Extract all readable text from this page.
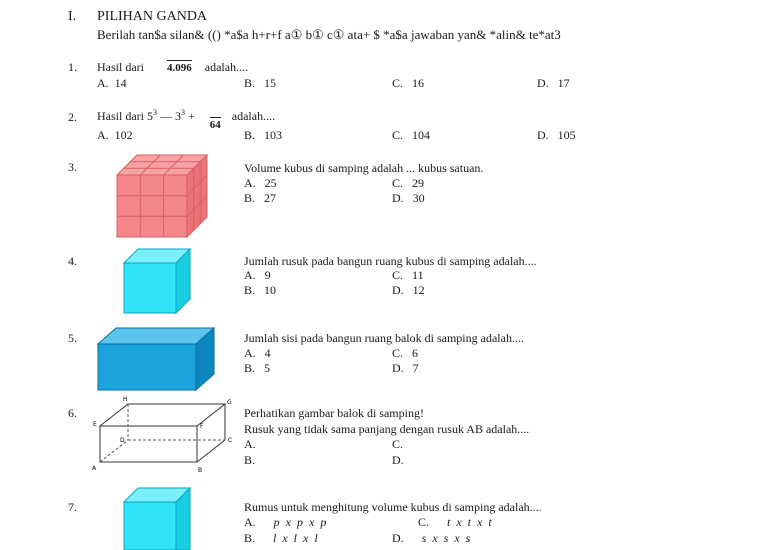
I. PILIHAN GANDA
Berilah tan$a silan& (() *a$a h+r+f a① b① c① ata+ $ *a$a jawaban yan& *alin& te*at3
1. Hasil dari 4.096 adalah....
A. 14	B. 15	C. 16	D. 17
2. Hasil dari $5^3$ — $3^3 + 64$ adalah....
A. 102	B. 103	C. 104	D. 105
3.	Volume kubus di samping adalah ... kubus satuan.
A. 25
B. 27
C. 29
D. 30
4.	Jumlah rusuk pada bangun ruang kubus di samping adalah....
A. 9
B. 10
C. 11
D. 12
5.	Jumlah sisi pada bangun ruang balok di samping adalah....
A. 4
B. 5
C. 6
D. 7
6.
A	B
C
D
E	F
G
H
Perhatikan gambar balok di samping!
Rusuk yang tidak sama panjang dengan rusuk AB adalah....
A.
B.
C.
D.
7.	Rumus untuk menghitung volume kubus di samping adalah....
A. p  x  p  x  p
B. l  x  l  x  l
C. t  x  t  x  t
D. s  x  s  x  s
